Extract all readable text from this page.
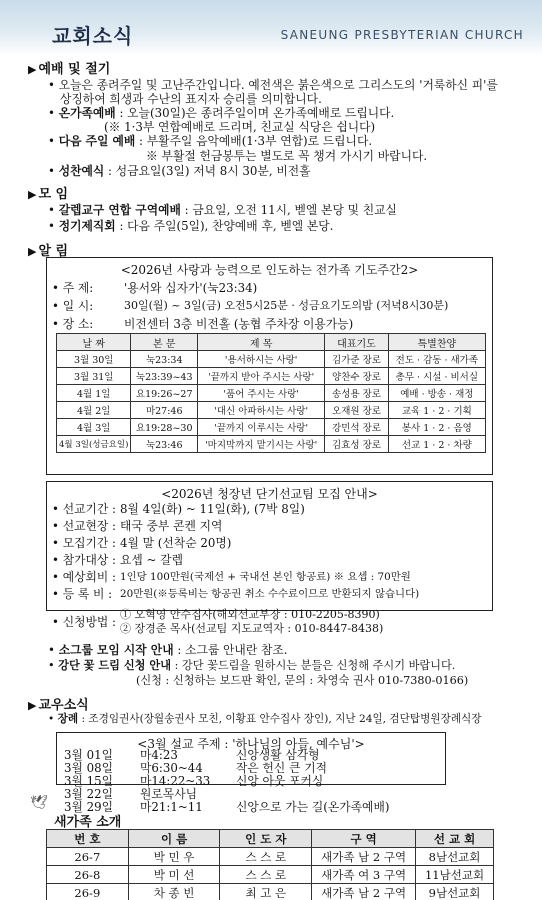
교회소식	SANEUNG PRESBYTERIAN CHURCH
▶ 예배 및 절기
• 오늘은 종려주일 및 고난주간입니다. 예전색은 붉은색으로 그리스도의 '거룩하신 피'를
상징하여 희생과 수난의 표지자 승리를 의미합니다.
• 온가족예배 : 오늘(30일)은 종려주일이며 온가족예배로 드립니다.
(※ 1·3부 연합예배로 드리며, 친교실 식당은 쉽니다)
• 다음 주일 예배 : 부활주일 음악예배(1·3부 연합)로 드립니다.
※ 부활절 헌금봉투는 별도로 꼭 챙겨 가시기 바랍니다.
• 성찬예식 : 성금요일(3일) 저녁 8시 30분, 비전홀
▶ 모 임
• 갈렙교구 연합 구역예배 : 금요일, 오전 11시, 벧엘 본당 및 친교실
• 정기제직회 : 다음 주일(5일), 찬양예배 후, 벧엘 본당.
▶ 알 림
<2026년 사랑과 능력으로 인도하는 전가족 기도주간2>
• 주 제:	'용서와 십자가'(눅23:34)
• 일 시:	30일(월) ~ 3일(금) 오전5시25분 · 성금요기도의밤 (저녁8시30분)
• 장 소:	비전센터 3층 비전홀 (농협 주차장 이용가능)
날 짜	본 문	제 목	대표기도	특별찬양
3월 30일	눅23:34	'용서하시는 사랑'	김가준 장로	전도 · 감동 · 새가족
3월 31일	눅23:39~43	'끝까지 받아 주시는 사랑'	양찬수 장로	총무 · 시설 · 비서실
4월 1일	요19:26~27	'품어 주시는 사랑'	송성용 장로	예배 · 방송 · 재정
4월 2일	마27:46	'대신 아파하시는 사랑'	오재원 장로	교육 1 · 2 · 기획
4월 3일	요19:28~30	'끝까지 이루시는 사랑'	강민석 장로	봉사 1 · 2 · 음영
4월 3일(성금요일)	눅23:46	'마지막까지 맡기시는 사랑'	김효성 장로	선교 1 · 2 · 차량
<2026년 청장년 단기선교팀 모집 안내>
• 선교기간 : 8월 4일(화) ~ 11일(화), (7박 8일)
• 선교현장 : 태국 중부 콘켄 지역
• 모집기간 : 4월 말 (선착순 20명)
• 참가대상 : 요셉 ~ 갈렙
• 예상회비 : 1인당 100만원(국제선 + 국내선 본인 항공료) ※ 요셉 : 70만원
• 등 록 비 : 20만원(※등록비는 항공권 취소 수수료이므로 반환되지 않습니다)
• 신청방법 :
① 오혁영 안수집사(해외선교부장 : 010-2205-8390)
② 장경준 목사(선교팀 지도교역자 : 010-8447-8438)
• 소그룹 모임 시작 안내 : 소그룹 안내란 참조.
• 강단 꽃 드림 신청 안내 : 강단 꽃드림을 원하시는 분들은 신청해 주시기 바랍니다.
(신청 : 신청하는 보드판 확인, 문의 : 차영숙 권사 010-7380-0166)
▶ 교우소식
• 장례 : 조경임권사(장월송권사 모친, 이황표 안수집사 장인), 지난 24일, 검단탑병원장례식장
<3월 설교 주제 : '하나님의 아들, 예수님'>
3월 01일 마4:23	신앙생활 삼각형
3월 08일 막6:30~44	작은 헌신 큰 기적
3월 15일 마14:22~33 신앙 아웃 포커싱
3월 22일 원로목사님
3월 29일 마21:1~11	신앙으로 가는 길(온가족예배)
🕊
새가족 소개
번 호	이 름	인 도 자	구 역	선 교 회
26-7	박 민 우	스 스 로	새가족 남 2 구역	8남선교회
26-8	박 미 선	스 스 로	새가족 여 3 구역	11남선교회
26-9	차 종 빈	최 고 은	새가족 남 2 구역	9남선교회
